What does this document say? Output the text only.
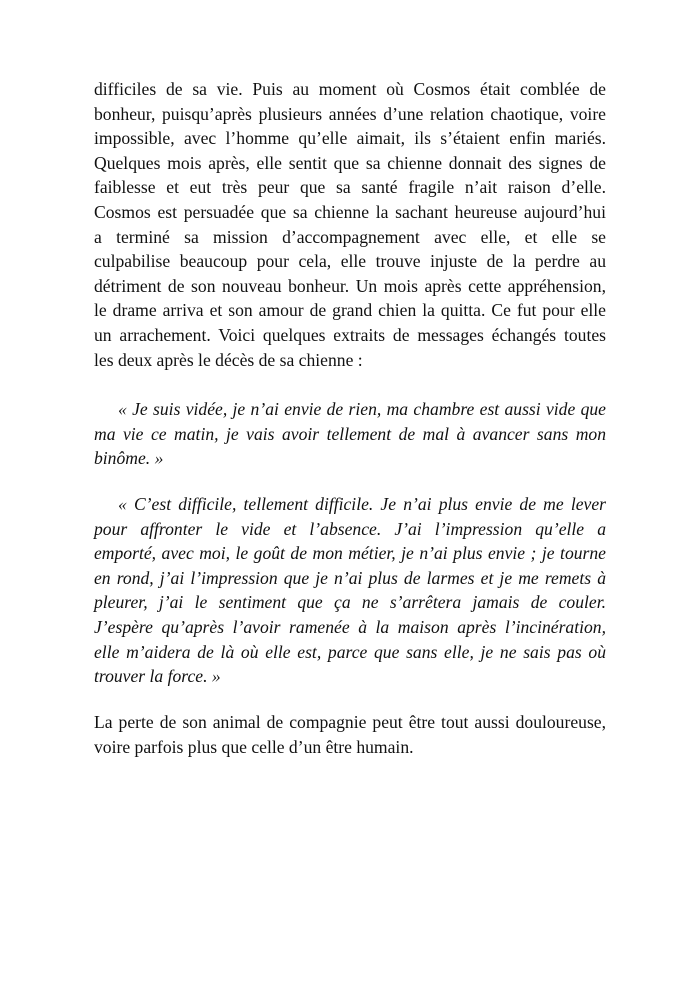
difficiles de sa vie. Puis au moment où Cosmos était comblée de
bonheur, puisqu’après plusieurs années d’une relation chaotique, voire
impossible, avec l’homme qu’elle aimait, ils s’étaient enfin mariés.
Quelques mois après, elle sentit que sa chienne donnait des signes de
faiblesse et eut très peur que sa santé fragile n’ait raison d’elle.
Cosmos est persuadée que sa chienne la sachant heureuse aujourd’hui
a terminé sa mission d’accompagnement avec elle, et elle se
culpabilise beaucoup pour cela, elle trouve injuste de la perdre au
détriment de son nouveau bonheur. Un mois après cette appréhension,
le drame arriva et son amour de grand chien la quitta. Ce fut pour elle
un arrachement. Voici quelques extraits de messages échangés toutes
les deux après le décès de sa chienne :
« Je suis vidée, je n’ai envie de rien, ma chambre est aussi vide que
ma vie ce matin, je vais avoir tellement de mal à avancer sans mon
binôme. »
« C’est difficile, tellement difficile. Je n’ai plus envie de me lever
pour affronter le vide et l’absence. J’ai l’impression qu’elle a
emporté, avec moi, le goût de mon métier, je n’ai plus envie ; je tourne
en rond, j’ai l’impression que je n’ai plus de larmes et je me remets à
pleurer, j’ai le sentiment que ça ne s’arrêtera jamais de couler.
J’espère qu’après l’avoir ramenée à la maison après l’incinération,
elle m’aidera de là où elle est, parce que sans elle, je ne sais pas où
trouver la force. »
La perte de son animal de compagnie peut être tout aussi douloureuse,
voire parfois plus que celle d’un être humain.
